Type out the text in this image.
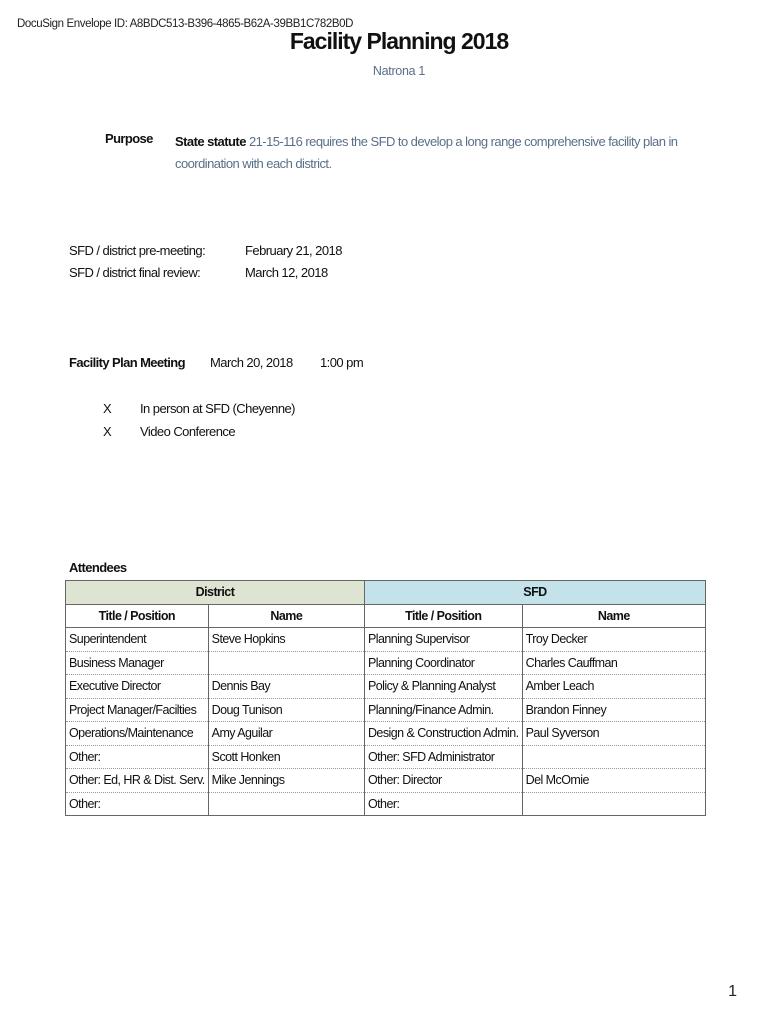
DocuSign Envelope ID: A8BDC513-B396-4865-B62A-39BB1C782B0D
Facility Planning 2018
Natrona 1
Purpose State statute 21-15-116 requires the SFD to develop a long range comprehensive facility plan in coordination with each district.
SFD / district pre-meeting:	February 21, 2018
SFD / district final review:	March 12, 2018
Facility Plan Meeting March 20, 2018 1:00 pm
X In person at SFD (Cheyenne)
X Video Conference
Attendees
District		SFD	
Title / Position	Name	Title / Position	Name
Superintendent	Steve Hopkins	Planning Supervisor	Troy Decker
Business Manager		Planning Coordinator	Charles Cauffman
Executive Director	Dennis Bay	Policy & Planning Analyst	Amber Leach
Project Manager/Facilties	Doug Tunison	Planning/Finance Admin.	Brandon Finney
Operations/Maintenance	Amy Aguilar	Design & Construction Admin.	Paul Syverson
Other:	Scott Honken	Other: SFD Administrator	
Other: Ed, HR & Dist. Serv.	Mike Jennings	Other: Director	Del McOmie
Other:		Other:	
1
